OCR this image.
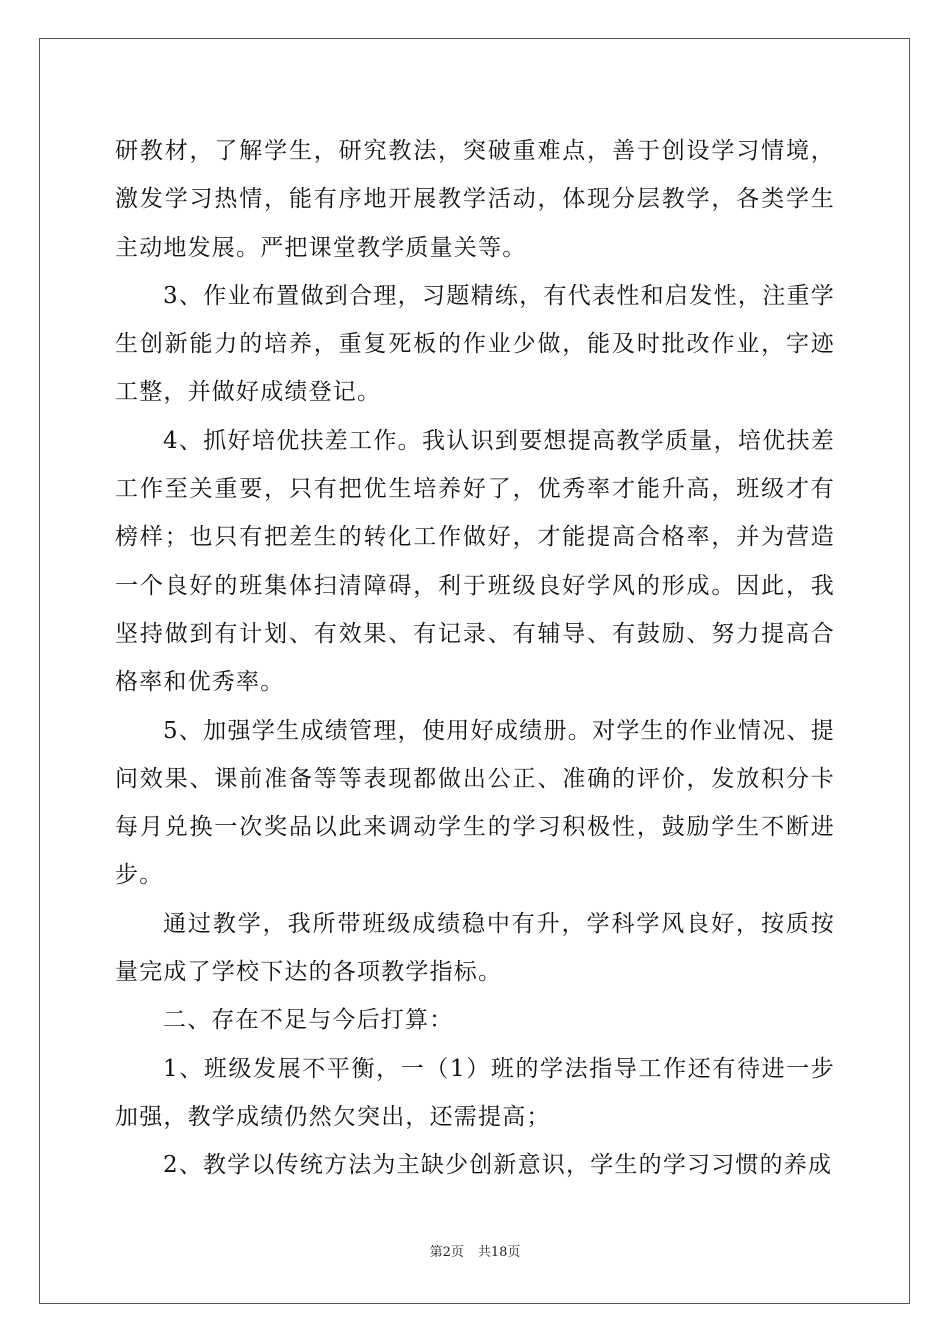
研教材，了解学生，研究教法，突破重难点，善于创设学习情境，激发学习热情，能有序地开展教学活动，体现分层教学，各类学生主动地发展。严把课堂教学质量关等。

3、作业布置做到合理，习题精练，有代表性和启发性，注重学生创新能力的培养，重复死板的作业少做，能及时批改作业，字迹工整，并做好成绩登记。

4、抓好培优扶差工作。我认识到要想提高教学质量，培优扶差工作至关重要，只有把优生培养好了，优秀率才能升高，班级才有榜样；也只有把差生的转化工作做好，才能提高合格率，并为营造一个良好的班集体扫清障碍，利于班级良好学风的形成。因此，我坚持做到有计划、有效果、有记录、有辅导、有鼓励、努力提高合格率和优秀率。

5、加强学生成绩管理，使用好成绩册。对学生的作业情况、提问效果、课前准备等等表现都做出公正、准确的评价，发放积分卡每月兑换一次奖品以此来调动学生的学习积极性，鼓励学生不断进步。

通过教学，我所带班级成绩稳中有升，学科学风良好，按质按量完成了学校下达的各项教学指标。

二、存在不足与今后打算：

1、班级发展不平衡，一（1）班的学法指导工作还有待进一步加强，教学成绩仍然欠突出，还需提高；

2、教学以传统方法为主缺少创新意识，学生的学习习惯的养成

第2页 共18页
